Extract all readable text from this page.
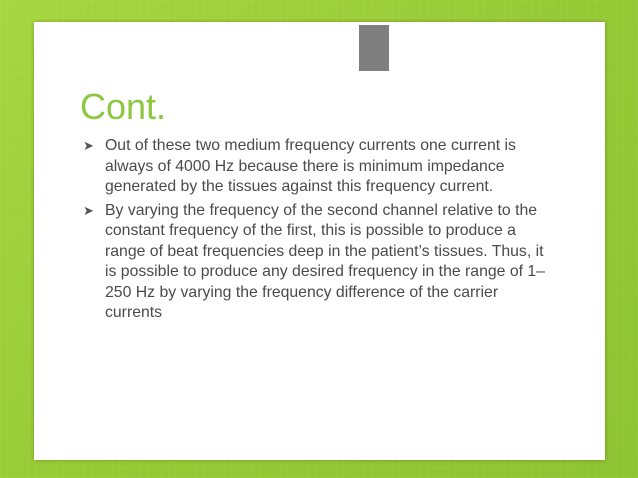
Cont.
➤ Out of these two medium frequency currents one current is always of 4000 Hz because there is minimum impedance generated by the tissues against this frequency current.
➤ By varying the frequency of the second channel relative to the constant frequency of the first, this is possible to produce a range of beat frequencies deep in the patient’s tissues. Thus, it is possible to produce any desired frequency in the range of 1–250 Hz by varying the frequency difference of the carrier currents
